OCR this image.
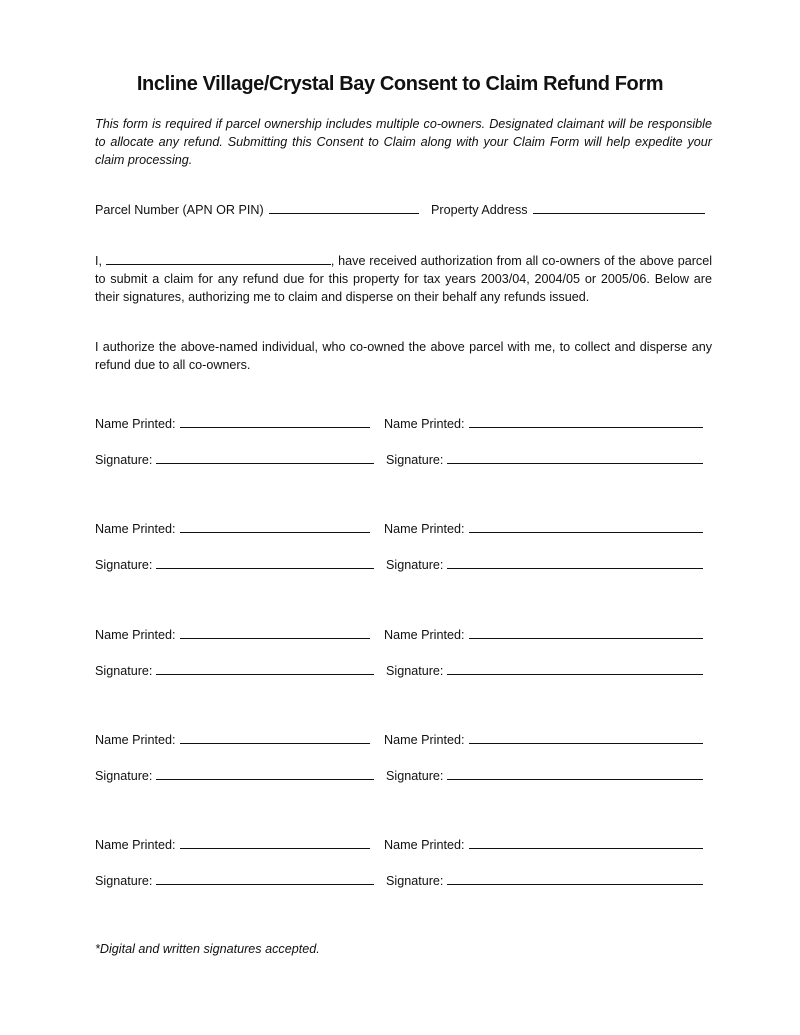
Incline Village/Crystal Bay Consent to Claim Refund Form
This form is required if parcel ownership includes multiple co-owners. Designated claimant will be responsible to allocate any refund. Submitting this Consent to Claim along with your Claim Form will help expedite your claim processing.
Parcel Number (APN OR PIN)	Property Address
I,	, have received authorization from all co-owners of the above parcel to submit a claim for any refund due for this property for tax years 2003/04, 2004/05 or 2005/06. Below are their signatures, authorizing me to claim and disperse on their behalf any refunds issued.
I authorize the above-named individual, who co-owned the above parcel with me, to collect and disperse any refund due to all co-owners.
Name Printed:	Name Printed:
Signature:	Signature:
Name Printed:	Name Printed:
Signature:	Signature:
Name Printed:	Name Printed:
Signature:	Signature:
Name Printed:	Name Printed:
Signature:	Signature:
Name Printed:	Name Printed:
Signature:	Signature:
*Digital and written signatures accepted.
